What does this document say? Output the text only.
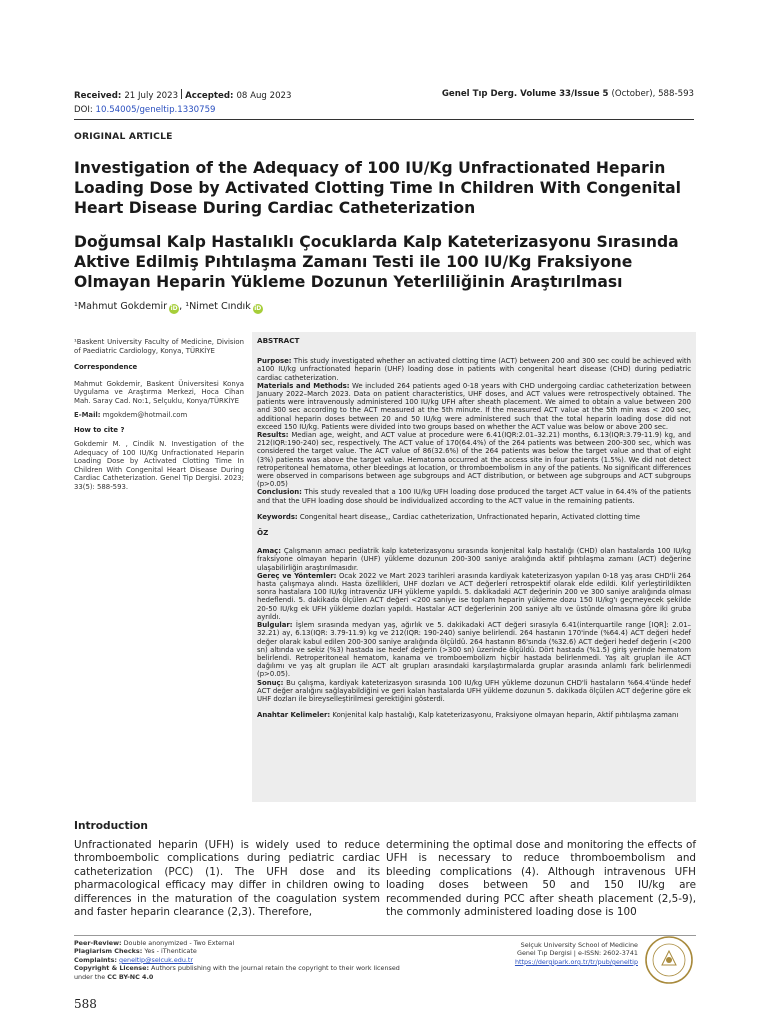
Received: 21 July 2023 Accepted: 08 Aug 2023	Genel Tıp Derg. Volume 33/Issue 5 (October), 588-593
DOI: 10.54005/geneltip.1330759
ORIGINAL ARTICLE
Investigation of the Adequacy of 100 IU/Kg Unfractionated Heparin Loading Dose by Activated Clotting Time In Children With Congenital Heart Disease During Cardiac Catheterization
Doğumsal Kalp Hastalıklı Çocuklarda Kalp Kateterizasyonu Sırasında Aktive Edilmiş Pıhtılaşma Zamanı Testi ile 100 IU/Kg Fraksiyone Olmayan Heparin Yükleme Dozunun Yeterliliğinin Araştırılması
¹Mahmut Gokdemir iD, ¹Nimet Cındık iD

¹Baskent University Faculty of Medicine, Division of Paediatric Cardiology, Konya, TÜRKİYE

Correspondence

Mahmut Gokdemir, Baskent Üniversitesi Konya Uygulama ve Araştırma Merkezi, Hoca Cihan Mah. Saray Cad. No:1, Selçuklu, Konya/TÜRKİYE

E-Mail: mgokdem@hotmail.com

How to cite ?

Gokdemir M. , Cindik N. Investigation of the Adequacy of 100 IU/Kg Unfractionated Heparin Loading Dose by Activated Clotting Time In Children With Congenital Heart Disease During Cardiac Catheterization. Genel Tip Dergisi. 2023; 33(5): 588-593.

ABSTRACT

Purpose: This study investigated whether an activated clotting time (ACT) between 200 and 300 sec could be achieved with a100 IU/kg unfractionated heparin (UHF) loading dose in patients with congenital heart disease (CHD) during pediatric cardiac catheterization.

Materials and Methods: We included 264 patients aged 0-18 years with CHD undergoing cardiac catheterization between January 2022–March 2023. Data on patient characteristics, UHF doses, and ACT values were retrospectively obtained. The patients were intravenously administered 100 IU/kg UFH after sheath placement. We aimed to obtain a value between 200 and 300 sec according to the ACT measured at the 5th minute. If the measured ACT value at the 5th min was < 200 sec, additional heparin doses between 20 and 50 IU/kg were administered such that the total heparin loading dose did not exceed 150 IU/kg. Patients were divided into two groups based on whether the ACT value was below or above 200 sec.

Results: Median age, weight, and ACT value at procedure were 6.41(IQR:2.01–32.21) months, 6.13(IQR:3.79-11.9) kg, and 212(IQR:190-240) sec, respectively. The ACT value of 170(64.4%) of the 264 patients was between 200-300 sec, which was considered the target value. The ACT value of 86(32.6%) of the 264 patients was below the target value and that of eight (3%) patients was above the target value. Hematoma occurred at the access site in four patients (1.5%). We did not detect retroperitoneal hematoma, other bleedings at location, or thromboembolism in any of the patients. No significant differences were observed in comparisons between age subgroups and ACT distribution, or between age subgroups and ACT subgroups (p>0.05)

Conclusion: This study revealed that a 100 IU/kg UFH loading dose produced the target ACT value in 64.4% of the patients and that the UFH loading dose should be individualized according to the ACT value in the remaining patients.

Keywords: Congenital heart disease,, Cardiac catheterization, Unfractionated heparin, Activated clotting time

ÖZ

Amaç: Çalışmanın amacı pediatrik kalp kateterizasyonu sırasında konjenital kalp hastalığı (CHD) olan hastalarda 100 IU/kg fraksiyone olmayan heparin (UHF) yükleme dozunun 200-300 saniye aralığında aktif pıhtılaşma zamanı (ACT) değerine ulaşabilirliğin araştırılmasıdır.

Gereç ve Yöntemler: Ocak 2022 ve Mart 2023 tarihleri arasında kardiyak kateterizasyon yapılan 0-18 yaş arası CHD'li 264 hasta çalışmaya alındı. Hasta özellikleri, UHF dozları ve ACT değerleri retrospektif olarak elde edildi. Kılıf yerleştirildikten sonra hastalara 100 IU/kg intravenöz UFH yükleme yapıldı. 5. dakikadaki ACT değerinin 200 ve 300 saniye aralığında olması hedeflendi. 5. dakikada ölçülen ACT değeri <200 saniye ise toplam heparin yükleme dozu 150 IU/kg'ı geçmeyecek şekilde 20-50 IU/kg ek UFH yükleme dozları yapıldı. Hastalar ACT değerlerinin 200 saniye altı ve üstünde olmasına göre iki gruba ayrıldı.

Bulgular: İşlem sırasında medyan yaş, ağırlık ve 5. dakikadaki ACT değeri sırasıyla 6.41(interquartile range [IQR]: 2.01–32.21) ay, 6.13(IQR: 3.79-11.9) kg ve 212(IQR: 190-240) saniye belirlendi. 264 hastanın 170'inde (%64.4) ACT değeri hedef değer olarak kabul edilen 200-300 saniye aralığında ölçüldü. 264 hastanın 86'sında (%32.6) ACT değeri hedef değerin (<200 sn) altında ve sekiz (%3) hastada ise hedef değerin (>300 sn) üzerinde ölçüldü. Dört hastada (%1.5) giriş yerinde hematom belirlendi. Retroperitoneal hematom, kanama ve tromboembolizm hiçbir hastada belirlenmedi. Yaş alt grupları ile ACT dağılımı ve yaş alt grupları ile ACT alt grupları arasındaki karşılaştırmalarda gruplar arasında anlamlı fark belirlenmedi (p>0.05).

Sonuç: Bu çalışma, kardiyak kateterizasyon sırasında 100 IU/kg UFH yükleme dozunun CHD'li hastaların %64.4'ünde hedef ACT değer aralığını sağlayabildiğini ve geri kalan hastalarda UFH yükleme dozunun 5. dakikada ölçülen ACT değerine göre ek UHF dozları ile bireyselleştirilmesi gerektiğini gösterdi.

Anahtar Kelimeler: Konjenital kalp hastalığı, Kalp kateterizasyonu, Fraksiyone olmayan heparin, Aktif pıhtılaşma zamanı

Introduction

Unfractionated heparin (UFH) is widely used to reduce thromboembolic complications during pediatric cardiac catheterization (PCC) (1). The UFH dose and its pharmacological efficacy may differ in children owing to differences in the maturation of the coagulation system and faster heparin clearance (2,3). Therefore,

determining the optimal dose and monitoring the effects of UFH is necessary to reduce thromboembolism and bleeding complications (4). Although intravenous UFH loading doses between 50 and 150 IU/kg are recommended during PCC after sheath placement (2,5-9), the commonly administered loading dose is 100

Peer-Review: Double anonymized - Two External
Plagiarism Checks: Yes - iThenticate
Complaints: geneltip@selcuk.edu.tr
Copyright & License: Authors publishing with the journal retain the copyright to their work licensed under the CC BY-NC 4.0
Selçuk University School of Medicine
Genel Tıp Dergisi | e-ISSN: 2602-3741
https://dergipark.org.tr/tr/pub/geneltip
588
